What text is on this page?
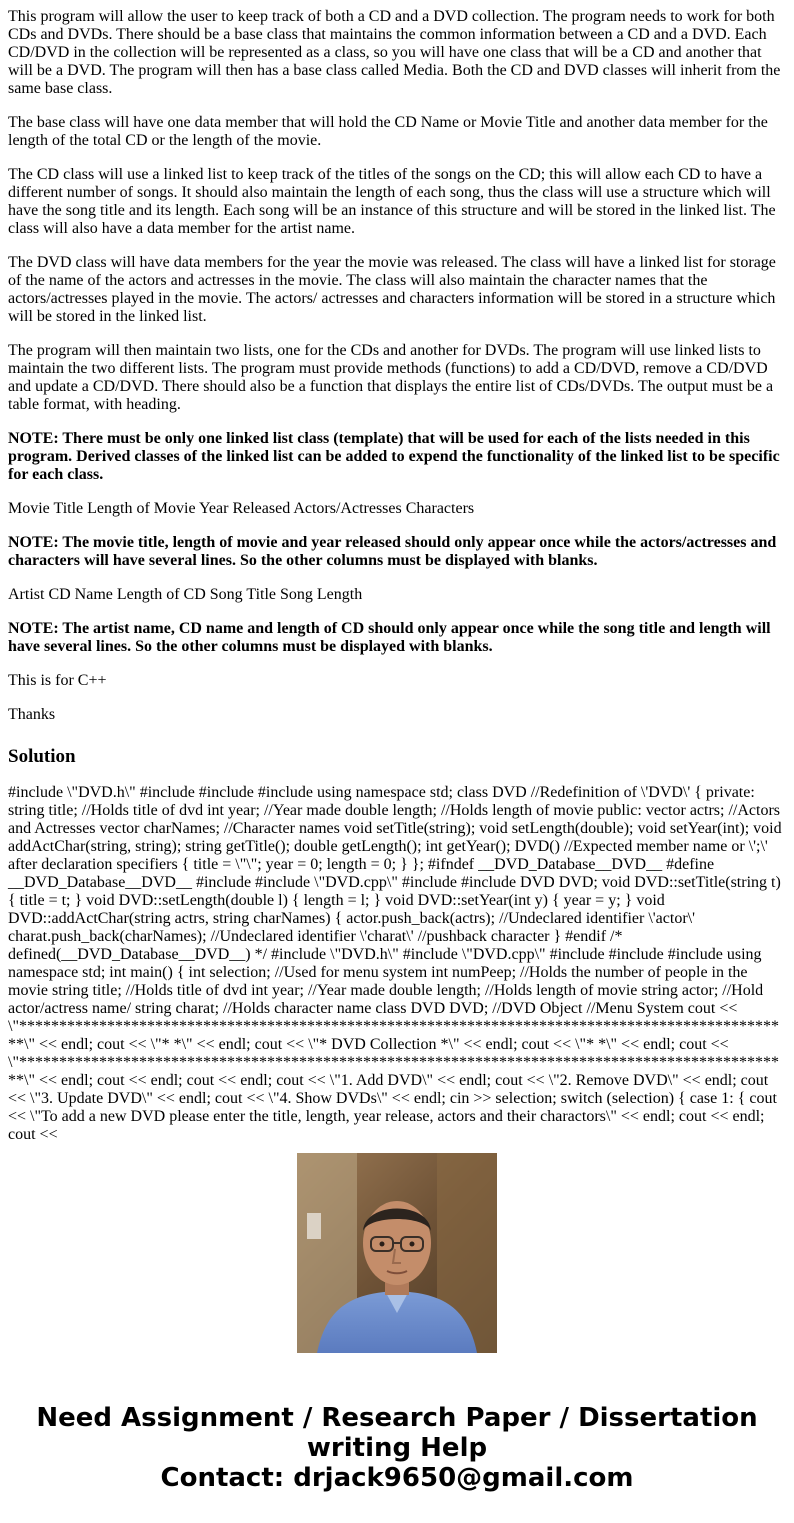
This program will allow the user to keep track of both a CD and a DVD collection. The program needs to work for both CDs and DVDs. There should be a base class that maintains the common information between a CD and a DVD. Each CD/DVD in the collection will be represented as a class, so you will have one class that will be a CD and another that will be a DVD. The program will then has a base class called Media. Both the CD and DVD classes will inherit from the same base class.

The base class will have one data member that will hold the CD Name or Movie Title and another data member for the length of the total CD or the length of the movie.

The CD class will use a linked list to keep track of the titles of the songs on the CD; this will allow each CD to have a different number of songs. It should also maintain the length of each song, thus the class will use a structure which will have the song title and its length. Each song will be an instance of this structure and will be stored in the linked list. The class will also have a data member for the artist name.

The DVD class will have data members for the year the movie was released. The class will have a linked list for storage of the name of the actors and actresses in the movie. The class will also maintain the character names that the actors/actresses played in the movie. The actors/ actresses and characters information will be stored in a structure which will be stored in the linked list.

The program will then maintain two lists, one for the CDs and another for DVDs. The program will use linked lists to maintain the two different lists. The program must provide methods (functions) to add a CD/DVD, remove a CD/DVD and update a CD/DVD. There should also be a function that displays the entire list of CDs/DVDs. The output must be a table format, with heading.

NOTE: There must be only one linked list class (template) that will be used for each of the lists needed in this program. Derived classes of the linked list can be added to expend the functionality of the linked list to be specific for each class.

Movie Title Length of Movie Year Released Actors/Actresses Characters

NOTE: The movie title, length of movie and year released should only appear once while the actors/actresses and characters will have several lines. So the other columns must be displayed with blanks.

Artist CD Name Length of CD Song Title Song Length

NOTE: The artist name, CD name and length of CD should only appear once while the song title and length will have several lines. So the other columns must be displayed with blanks.

This is for C++

Thanks

Solution

#include \"DVD.h\" #include #include #include using namespace std; class DVD //Redefinition of \'DVD\' { private: string title; //Holds title of dvd int year; //Year made double length; //Holds length of movie public: vector actrs; //Actors and Actresses vector charNames; //Character names void setTitle(string); void setLength(double); void setYear(int); void addActChar(string, string); string getTitle(); double getLength(); int getYear(); DVD() //Expected member name or \';\' after declaration specifiers { title = \"\"; year = 0; length = 0; } }; #ifndef __DVD_Database__DVD__ #define __DVD_Database__DVD__ #include #include \"DVD.cpp\" #include #include DVD DVD; void DVD::setTitle(string t) { title = t; } void DVD::setLength(double l) { length = l; } void DVD::setYear(int y) { year = y; } void DVD::addActChar(string actrs, string charNames) { actor.push_back(actrs); //Undeclared identifier \'actor\' charat.push_back(charNames); //Undeclared identifier \'charat\' //pushback character } #endif /* defined(__DVD_Database__DVD__) */ #include \"DVD.h\" #include \"DVD.cpp\" #include #include #include using namespace std; int main() { int selection; //Used for menu system int numPeep; //Holds the number of people in the movie string title; //Holds title of dvd int year; //Year made double length; //Holds length of movie string actor; //Hold actor/actress name/ string charat; //Holds character name class DVD DVD; //DVD Object //Menu System cout << \"*************************************************************************************************\" << endl; cout << \"* *\" << endl; cout << \"* DVD Collection *\" << endl; cout << \"* *\" << endl; cout << \"*************************************************************************************************\" << endl; cout << endl; cout << endl; cout << \"1. Add DVD\" << endl; cout << \"2. Remove DVD\" << endl; cout << \"3. Update DVD\" << endl; cout << \"4. Show DVDs\" << endl; cin >> selection; switch (selection) { case 1: { cout << \"To add a new DVD please enter the title, length, year release, actors and their charactors\" << endl; cout << endl; cout <<

Need Assignment / Research Paper / Dissertation
writing Help
Contact: drjack9650@gmail.com
